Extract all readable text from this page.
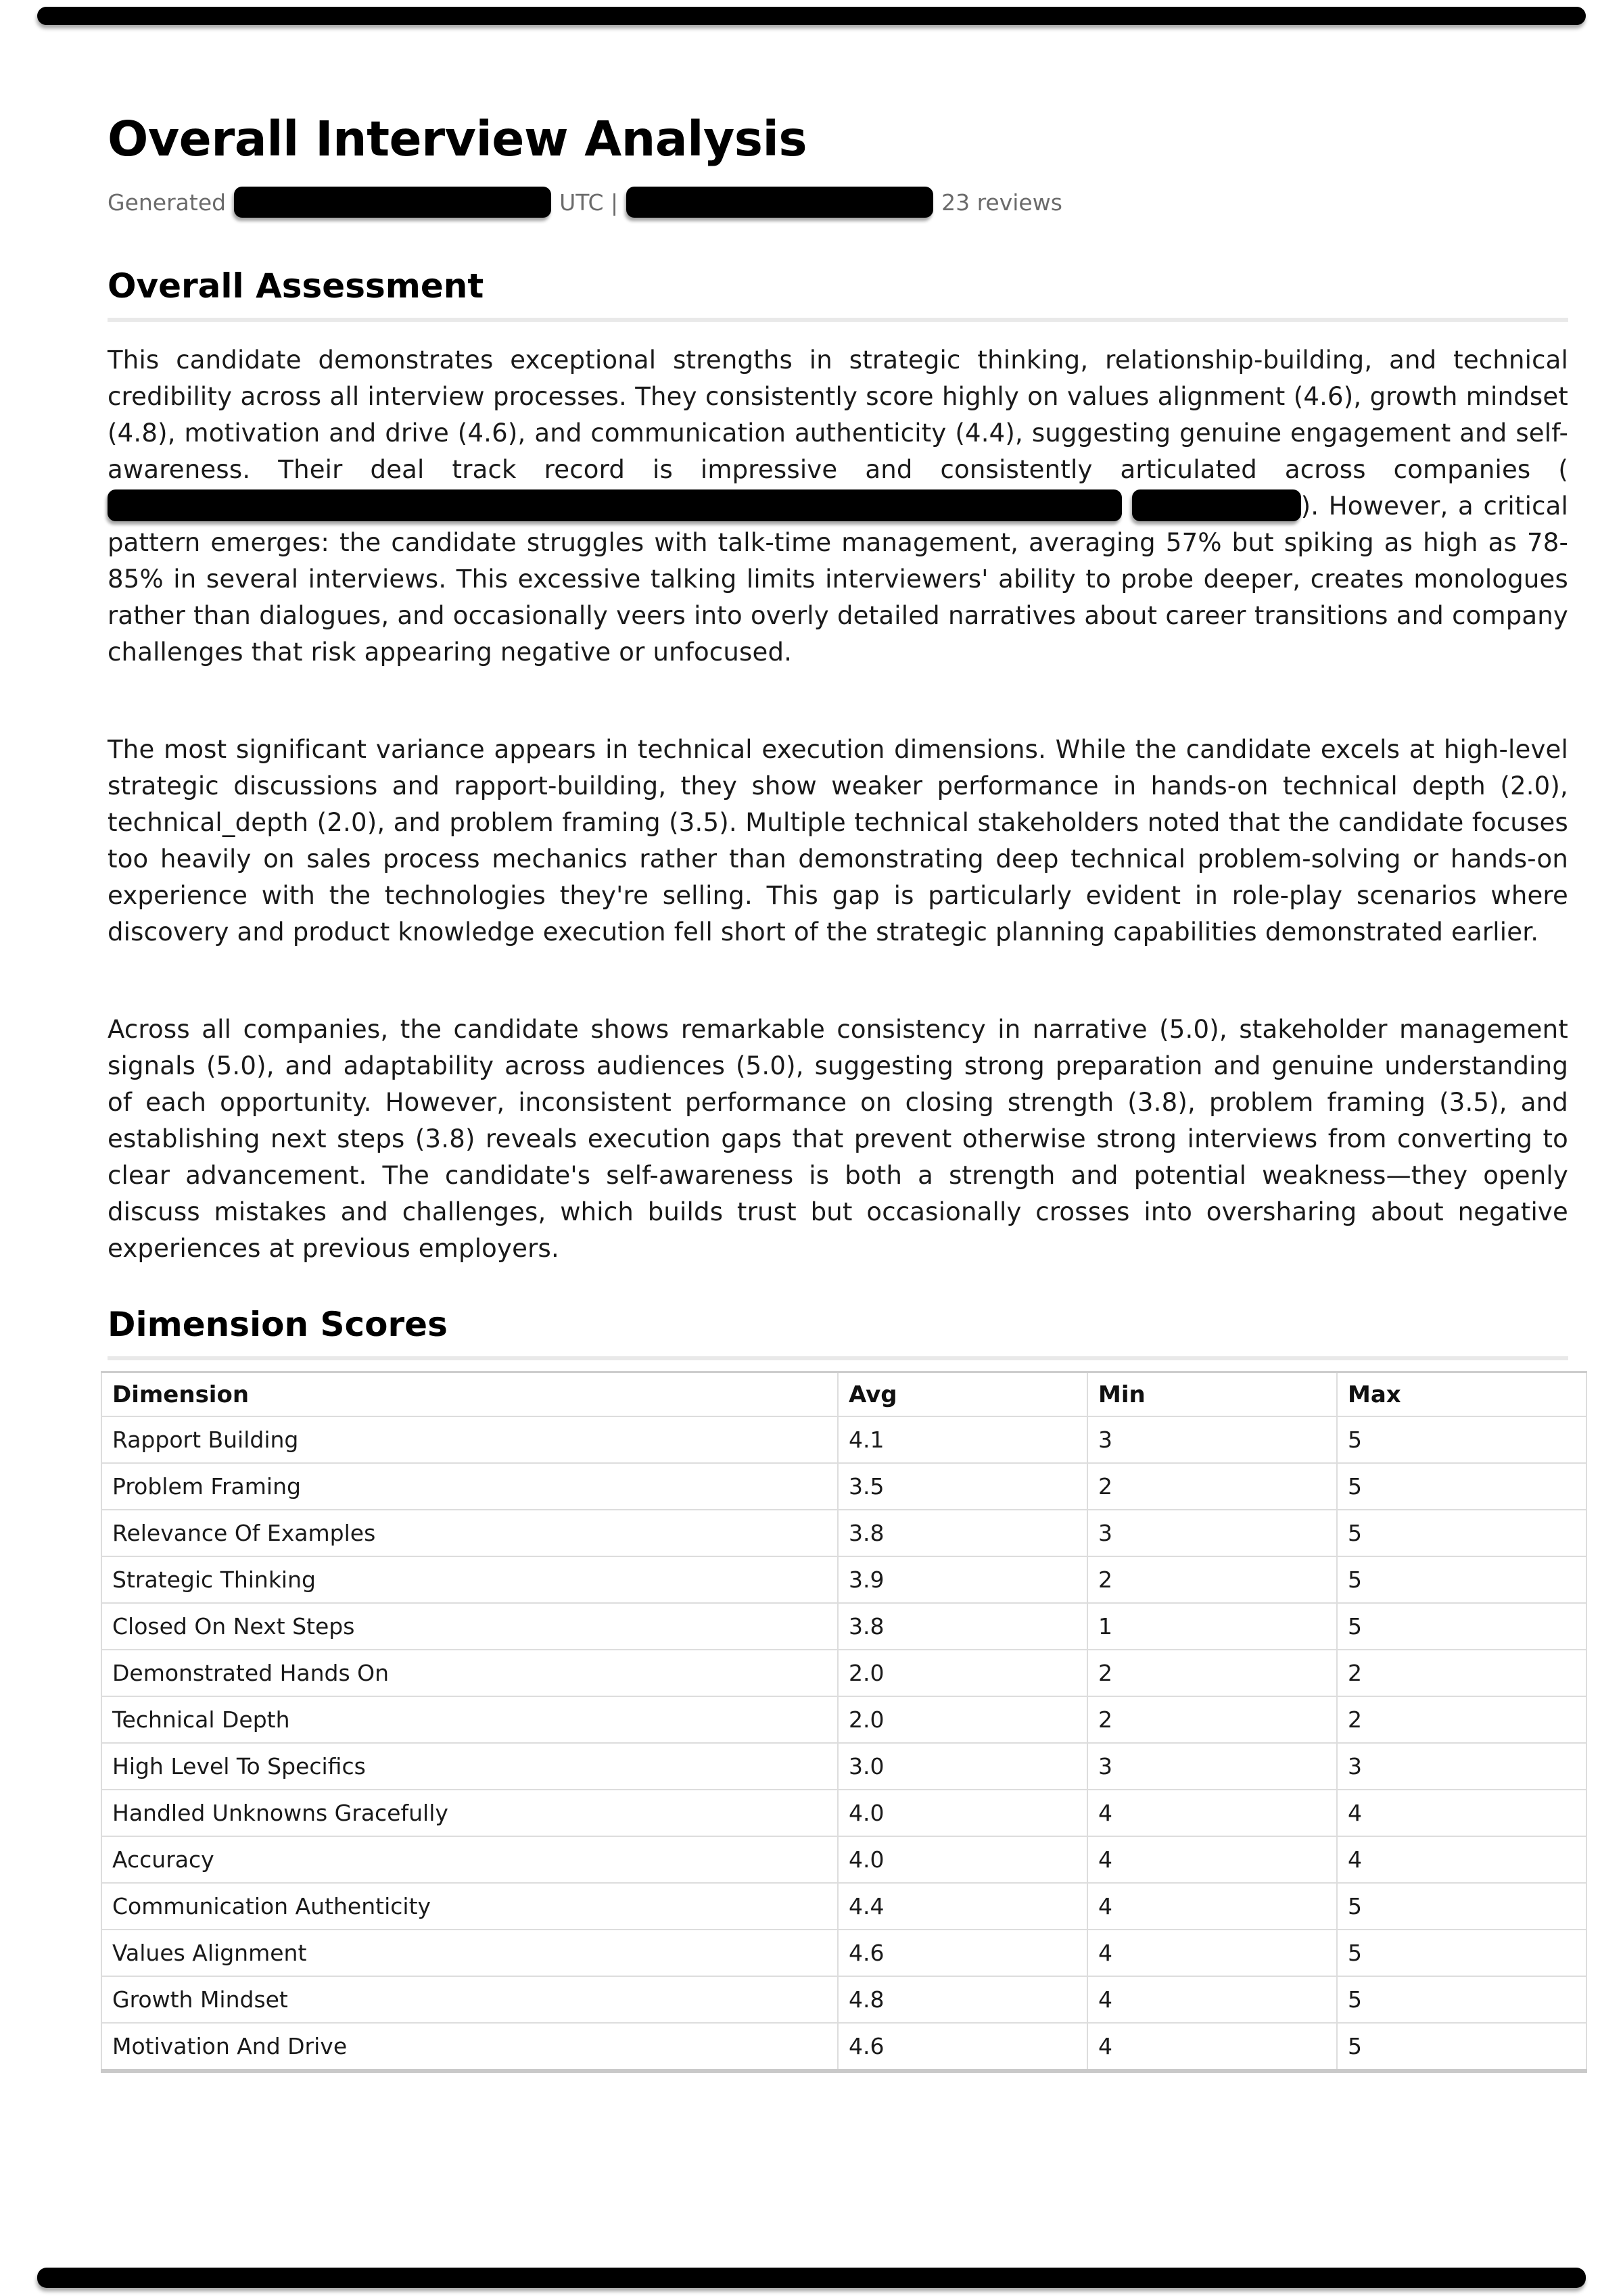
Overall Interview Analysis
Generated	UTC |	23 reviews
Overall Assessment

This candidate demonstrates exceptional strengths in strategic thinking, relationship-building, and technical credibility across all interview processes. They consistently score highly on values alignment (4.6), growth mindset (4.8), motivation and drive (4.6), and communication authenticity (4.4), suggesting genuine engagement and self-awareness. Their deal track record is impressive and consistently articulated across companies ( ). However, a critical pattern emerges: the candidate struggles with talk-time management, averaging 57% but spiking as high as 78-85% in several interviews. This excessive talking limits interviewers' ability to probe deeper, creates monologues rather than dialogues, and occasionally veers into overly detailed narratives about career transitions and company challenges that risk appearing negative or unfocused.

The most significant variance appears in technical execution dimensions. While the candidate excels at high-level strategic discussions and rapport-building, they show weaker performance in hands-on technical depth (2.0), technical_depth (2.0), and problem framing (3.5). Multiple technical stakeholders noted that the candidate focuses too heavily on sales process mechanics rather than demonstrating deep technical problem-solving or hands-on experience with the technologies they're selling. This gap is particularly evident in role-play scenarios where discovery and product knowledge execution fell short of the strategic planning capabilities demonstrated earlier.

Across all companies, the candidate shows remarkable consistency in narrative (5.0), stakeholder management signals (5.0), and adaptability across audiences (5.0), suggesting strong preparation and genuine understanding of each opportunity. However, inconsistent performance on closing strength (3.8), problem framing (3.5), and establishing next steps (3.8) reveals execution gaps that prevent otherwise strong interviews from converting to clear advancement. The candidate's self-awareness is both a strength and potential weakness—they openly discuss mistakes and challenges, which builds trust but occasionally crosses into oversharing about negative experiences at previous employers.

Dimension Scores
Dimension	Avg	Min	Max
Rapport Building	4.1	3	5
Problem Framing	3.5	2	5
Relevance Of Examples	3.8	3	5
Strategic Thinking	3.9	2	5
Closed On Next Steps	3.8	1	5
Demonstrated Hands On	2.0	2	2
Technical Depth	2.0	2	2
High Level To Specifics	3.0	3	3
Handled Unknowns Gracefully	4.0	4	4
Accuracy	4.0	4	4
Communication Authenticity	4.4	4	5
Values Alignment	4.6	4	5
Growth Mindset	4.8	4	5
Motivation And Drive	4.6	4	5
